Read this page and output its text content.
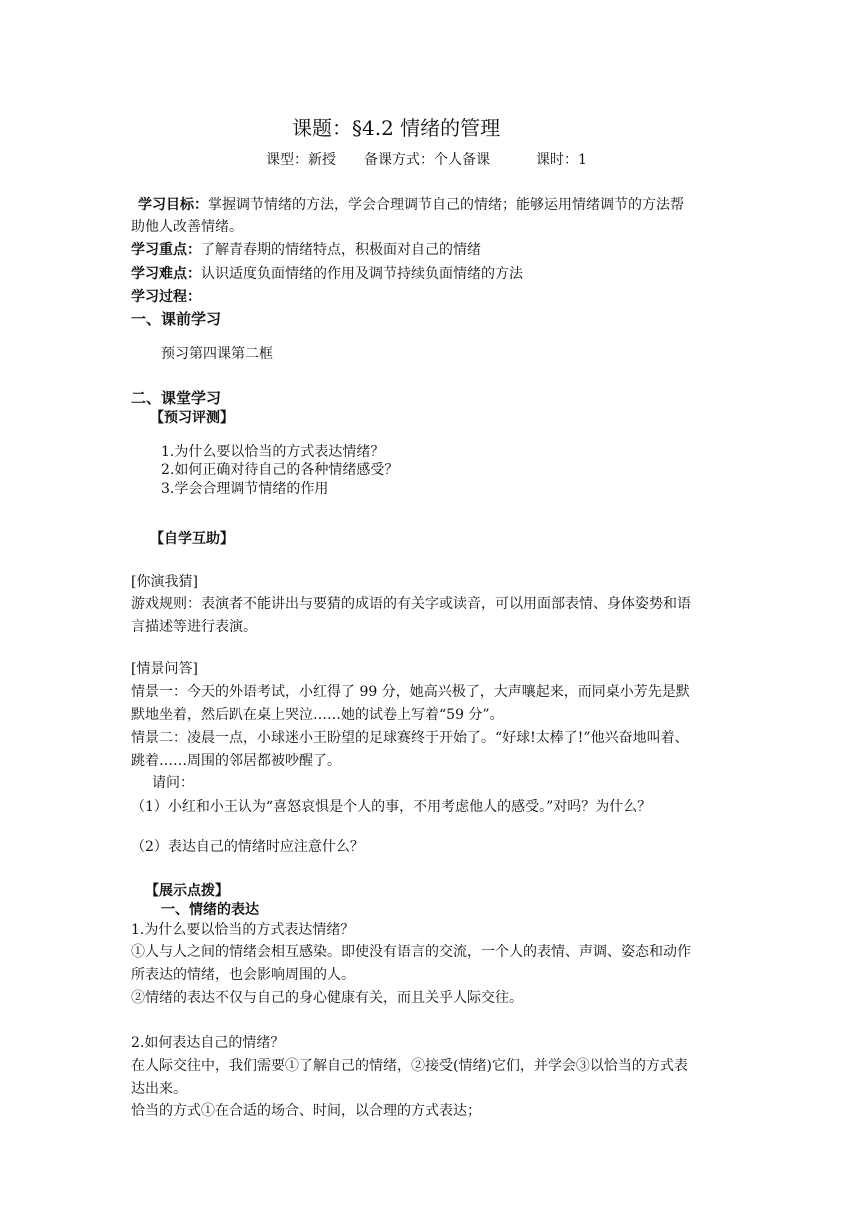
课题：§4.2 情绪的管理
课型：新授 备课方式：个人备课	课时：1
学习目标：掌握调节情绪的方法，学会合理调节自己的情绪；能够运用情绪调节的方法帮
助他人改善情绪。
学习重点：了解青春期的情绪特点，积极面对自己的情绪
学习难点：认识适度负面情绪的作用及调节持续负面情绪的方法
学习过程：
一、课前学习
预习第四课第二框
二、课堂学习
【预习评测】
1.为什么要以恰当的方式表达情绪？
2.如何正确对待自己的各种情绪感受？
3.学会合理调节情绪的作用
【自学互助】
[你演我猜]
游戏规则：表演者不能讲出与要猜的成语的有关字或读音，可以用面部表情、身体姿势和语
言描述等进行表演。
[情景问答]
情景一：今天的外语考试，小红得了 99 分，她高兴极了，大声嚷起来，而同桌小芳先是默
默地坐着，然后趴在桌上哭泣……她的试卷上写着“59 分”。
情景二：凌晨一点，小球迷小王盼望的足球赛终于开始了。“好球!太棒了!”他兴奋地叫着、
跳着……周围的邻居都被吵醒了。
请问：
（1）小红和小王认为“喜怒哀惧是个人的事，不用考虑他人的感受。”对吗？为什么？
（2）表达自己的情绪时应注意什么？
【展示点拨】
一、情绪的表达
1.为什么要以恰当的方式表达情绪？
①人与人之间的情绪会相互感染。即使没有语言的交流，一个人的表情、声调、姿态和动作
所表达的情绪，也会影响周围的人。
②情绪的表达不仅与自己的身心健康有关，而且关乎人际交往。
2.如何表达自己的情绪？
在人际交往中，我们需要①了解自己的情绪，②接受(情绪)它们，并学会③以恰当的方式表
达出来。
恰当的方式①在合适的场合、时间，以合理的方式表达；
